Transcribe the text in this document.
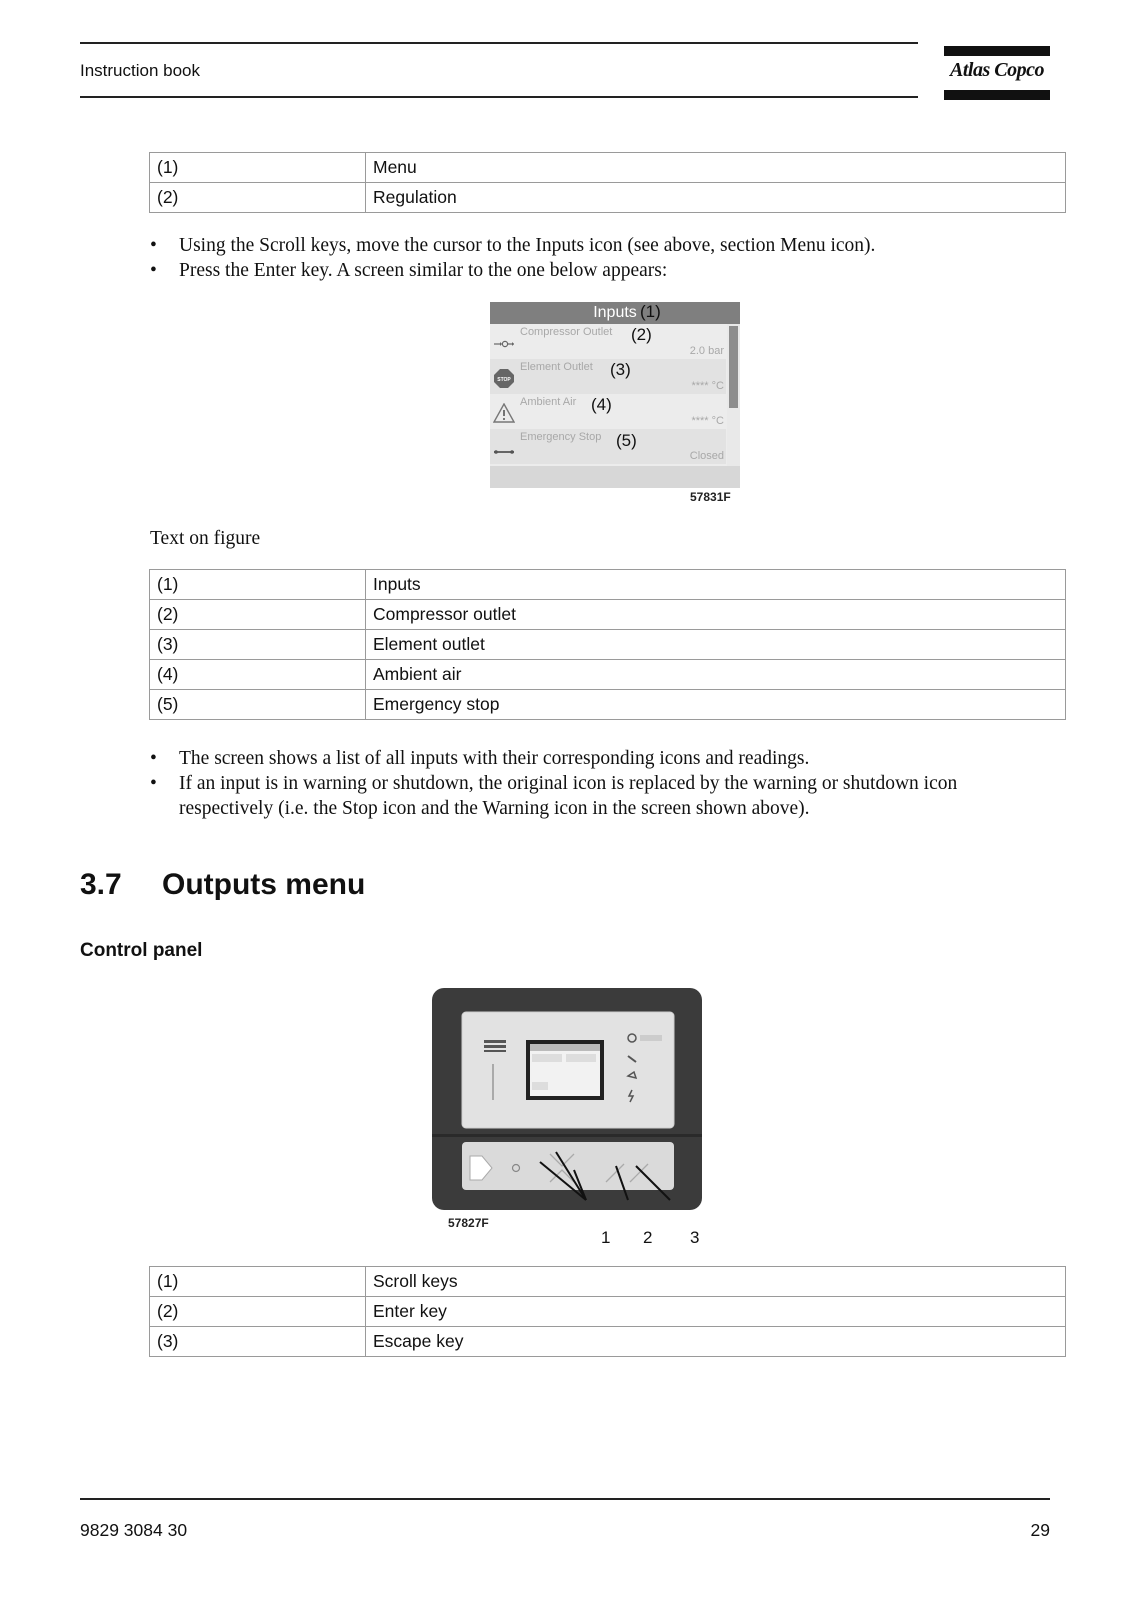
Instruction book	Atlas Copco
(1)	Menu
(2)	Regulation
• Using the Scroll keys, move the cursor to the Inputs icon (see above, section Menu icon).
• Press the Enter key. A screen similar to the one below appears:
Inputs
Compressor Outlet
2.0 bar
STOP
Element Outlet
**** °C
Ambient Air
**** °C
Emergency Stop
Closed
(1)
(2)
(3)
(4)
(5)
57831F
Text on figure
(1)	Inputs
(2)	Compressor outlet
(3)	Element outlet
(4)	Ambient air
(5)	Emergency stop
• The screen shows a list of all inputs with their corresponding icons and readings.
• If an input is in warning or shutdown, the original icon is replaced by the warning or shutdown icon respectively (i.e. the Stop icon and the Warning icon in the screen shown above).
3.7 Outputs menu
Control panel
57827F
1 2 3
(1)	Scroll keys
(2)	Enter key
(3)	Escape key
9829 3084 30	29
